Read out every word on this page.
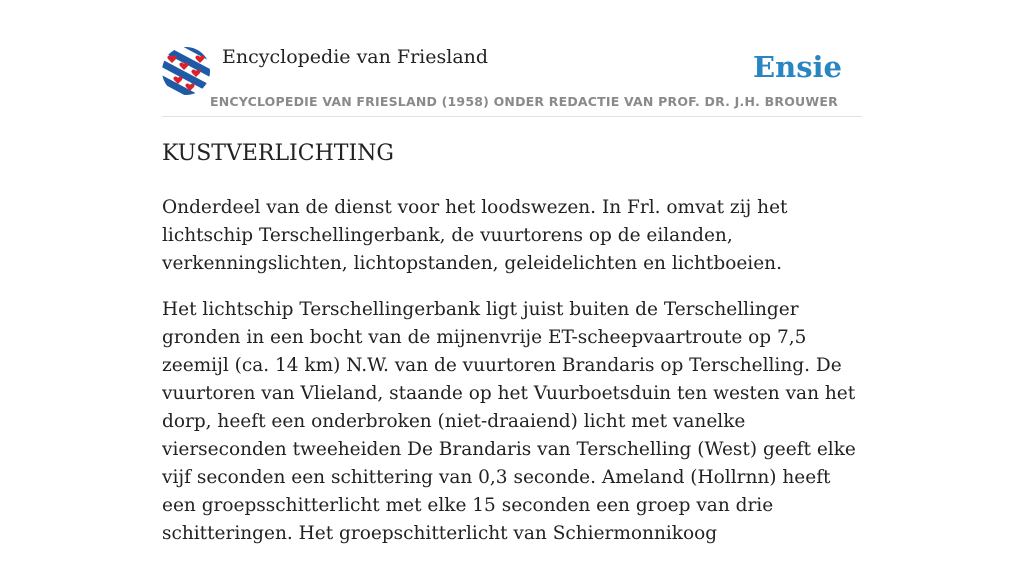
Encyclopedie van Friesland	Ensie
ENCYCLOPEDIE VAN FRIESLAND (1958) ONDER REDACTIE VAN PROF. DR. J.H. BROUWER
KUSTVERLICHTING

Onderdeel van de dienst voor het loodswezen. In Frl. omvat zij het lichtschip Terschellingerbank, de vuurtorens op de eilanden, verkenningslichten, lichtopstanden, geleidelichten en lichtboeien.

Het lichtschip Terschellingerbank ligt juist buiten de Terschellinger gronden in een bocht van de mijnenvrije ET-scheepvaartroute op 7,5 zeemijl (ca. 14 km) N.W. van de vuurtoren Brandaris op Terschelling. De vuurtoren van Vlieland, staande op het Vuurboetsduin ten westen van het dorp, heeft een onderbroken (niet-draaiend) licht met vanelke vierseconden tweeheiden De Brandaris van Terschelling (West) geeft elke vijf seconden een schittering van 0,3 seconde. Ameland (Hollrnn) heeft een groepsschitterlicht met elke 15 seconden een groep van drie schitteringen. Het groepschitterlicht van Schiermonnikoog
